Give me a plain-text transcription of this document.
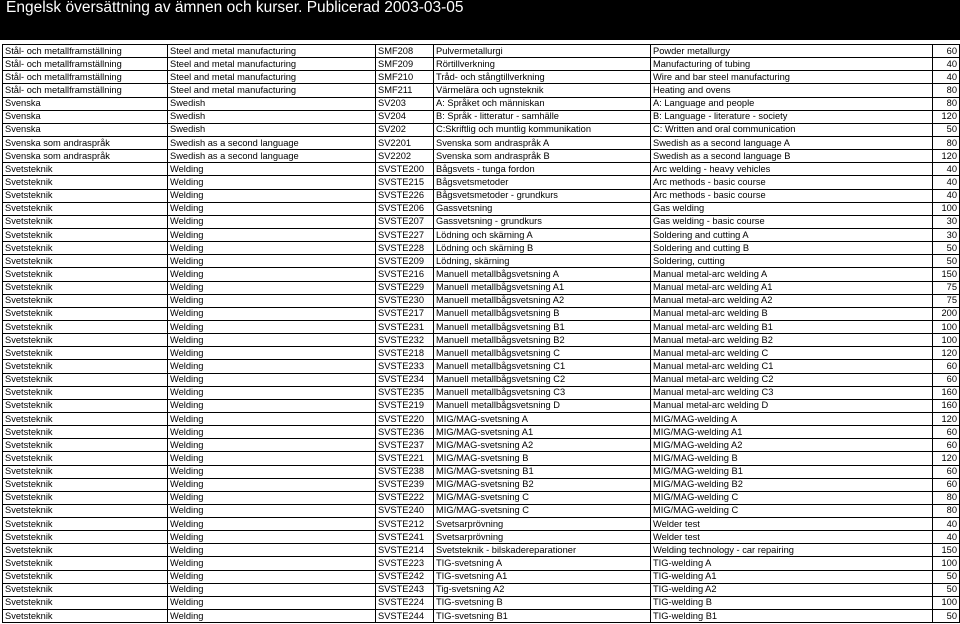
Engelsk översättning av ämnen och kurser. Publicerad 2003-03-05
Stål- och metallframställning	Steel and metal manufacturing	SMF208	Pulvermetallurgi	Powder metallurgy	60
Stål- och metallframställning	Steel and metal manufacturing	SMF209	Rörtillverkning	Manufacturing of tubing	40
Stål- och metallframställning	Steel and metal manufacturing	SMF210	Tråd- och stångtillverkning	Wire and bar steel manufacturing	40
Stål- och metallframställning	Steel and metal manufacturing	SMF211	Värmelära och ugnsteknik	Heating and ovens	80
Svenska	Swedish	SV203	A: Språket och människan	A: Language and people	80
Svenska	Swedish	SV204	B: Språk - litteratur - samhälle	B: Language - literature - society	120
Svenska	Swedish	SV202	C:Skriftlig och muntlig kommunikation	C: Written and oral communication	50
Svenska som andraspråk	Swedish as a second language	SV2201	Svenska som andraspråk A	Swedish as a second language A	80
Svenska som andraspråk	Swedish as a second language	SV2202	Svenska som andraspråk B	Swedish as a second language B	120
Svetsteknik	Welding	SVSTE200	Bågsvets - tunga fordon	Arc welding - heavy vehicles	40
Svetsteknik	Welding	SVSTE215	Bågsvetsmetoder	Arc methods - basic course	40
Svetsteknik	Welding	SVSTE226	Bågsvetsmetoder - grundkurs	Arc methods - basic course	40
Svetsteknik	Welding	SVSTE206	Gassvetsning	Gas welding	100
Svetsteknik	Welding	SVSTE207	Gassvetsning - grundkurs	Gas welding - basic course	30
Svetsteknik	Welding	SVSTE227	Lödning och skärning A	Soldering and cutting A	30
Svetsteknik	Welding	SVSTE228	Lödning och skärning B	Soldering and cutting B	50
Svetsteknik	Welding	SVSTE209	Lödning, skärning	Soldering, cutting	50
Svetsteknik	Welding	SVSTE216	Manuell metallbågsvetsning A	Manual metal-arc welding A	150
Svetsteknik	Welding	SVSTE229	Manuell metallbågsvetsning A1	Manual metal-arc welding A1	75
Svetsteknik	Welding	SVSTE230	Manuell metallbågsvetsning A2	Manual metal-arc welding A2	75
Svetsteknik	Welding	SVSTE217	Manuell metallbågsvetsning B	Manual metal-arc welding B	200
Svetsteknik	Welding	SVSTE231	Manuell metallbågsvetsning B1	Manual metal-arc welding B1	100
Svetsteknik	Welding	SVSTE232	Manuell metallbågsvetsning B2	Manual metal-arc welding B2	100
Svetsteknik	Welding	SVSTE218	Manuell metallbågsvetsning C	Manual metal-arc welding C	120
Svetsteknik	Welding	SVSTE233	Manuell metallbågsvetsning C1	Manual metal-arc welding C1	60
Svetsteknik	Welding	SVSTE234	Manuell metallbågsvetsning C2	Manual metal-arc welding C2	60
Svetsteknik	Welding	SVSTE235	Manuell metallbågsvetsning C3	Manual metal-arc welding C3	160
Svetsteknik	Welding	SVSTE219	Manuell metallbågsvetsning D	Manual metal-arc welding D	160
Svetsteknik	Welding	SVSTE220	MIG/MAG-svetsning A	MIG/MAG-welding A	120
Svetsteknik	Welding	SVSTE236	MIG/MAG-svetsning A1	MIG/MAG-welding A1	60
Svetsteknik	Welding	SVSTE237	MIG/MAG-svetsning A2	MIG/MAG-welding A2	60
Svetsteknik	Welding	SVSTE221	MIG/MAG-svetsning B	MIG/MAG-welding B	120
Svetsteknik	Welding	SVSTE238	MIG/MAG-svetsning B1	MIG/MAG-welding B1	60
Svetsteknik	Welding	SVSTE239	MIG/MAG-svetsning B2	MIG/MAG-welding B2	60
Svetsteknik	Welding	SVSTE222	MIG/MAG-svetsning C	MIG/MAG-welding C	80
Svetsteknik	Welding	SVSTE240	MIG/MAG-svetsning C	MIG/MAG-welding C	80
Svetsteknik	Welding	SVSTE212	Svetsarprövning	Welder test	40
Svetsteknik	Welding	SVSTE241	Svetsarprövning	Welder test	40
Svetsteknik	Welding	SVSTE214	Svetsteknik - bilskadereparationer	Welding technology - car repairing	150
Svetsteknik	Welding	SVSTE223	TIG-svetsning A	TIG-welding A	100
Svetsteknik	Welding	SVSTE242	TIG-svetsning A1	TIG-welding A1	50
Svetsteknik	Welding	SVSTE243	Tig-svetsning A2	TIG-welding A2	50
Svetsteknik	Welding	SVSTE224	TIG-svetsning B	TIG-welding B	100
Svetsteknik	Welding	SVSTE244	TIG-svetsning B1	TIG-welding B1	50
